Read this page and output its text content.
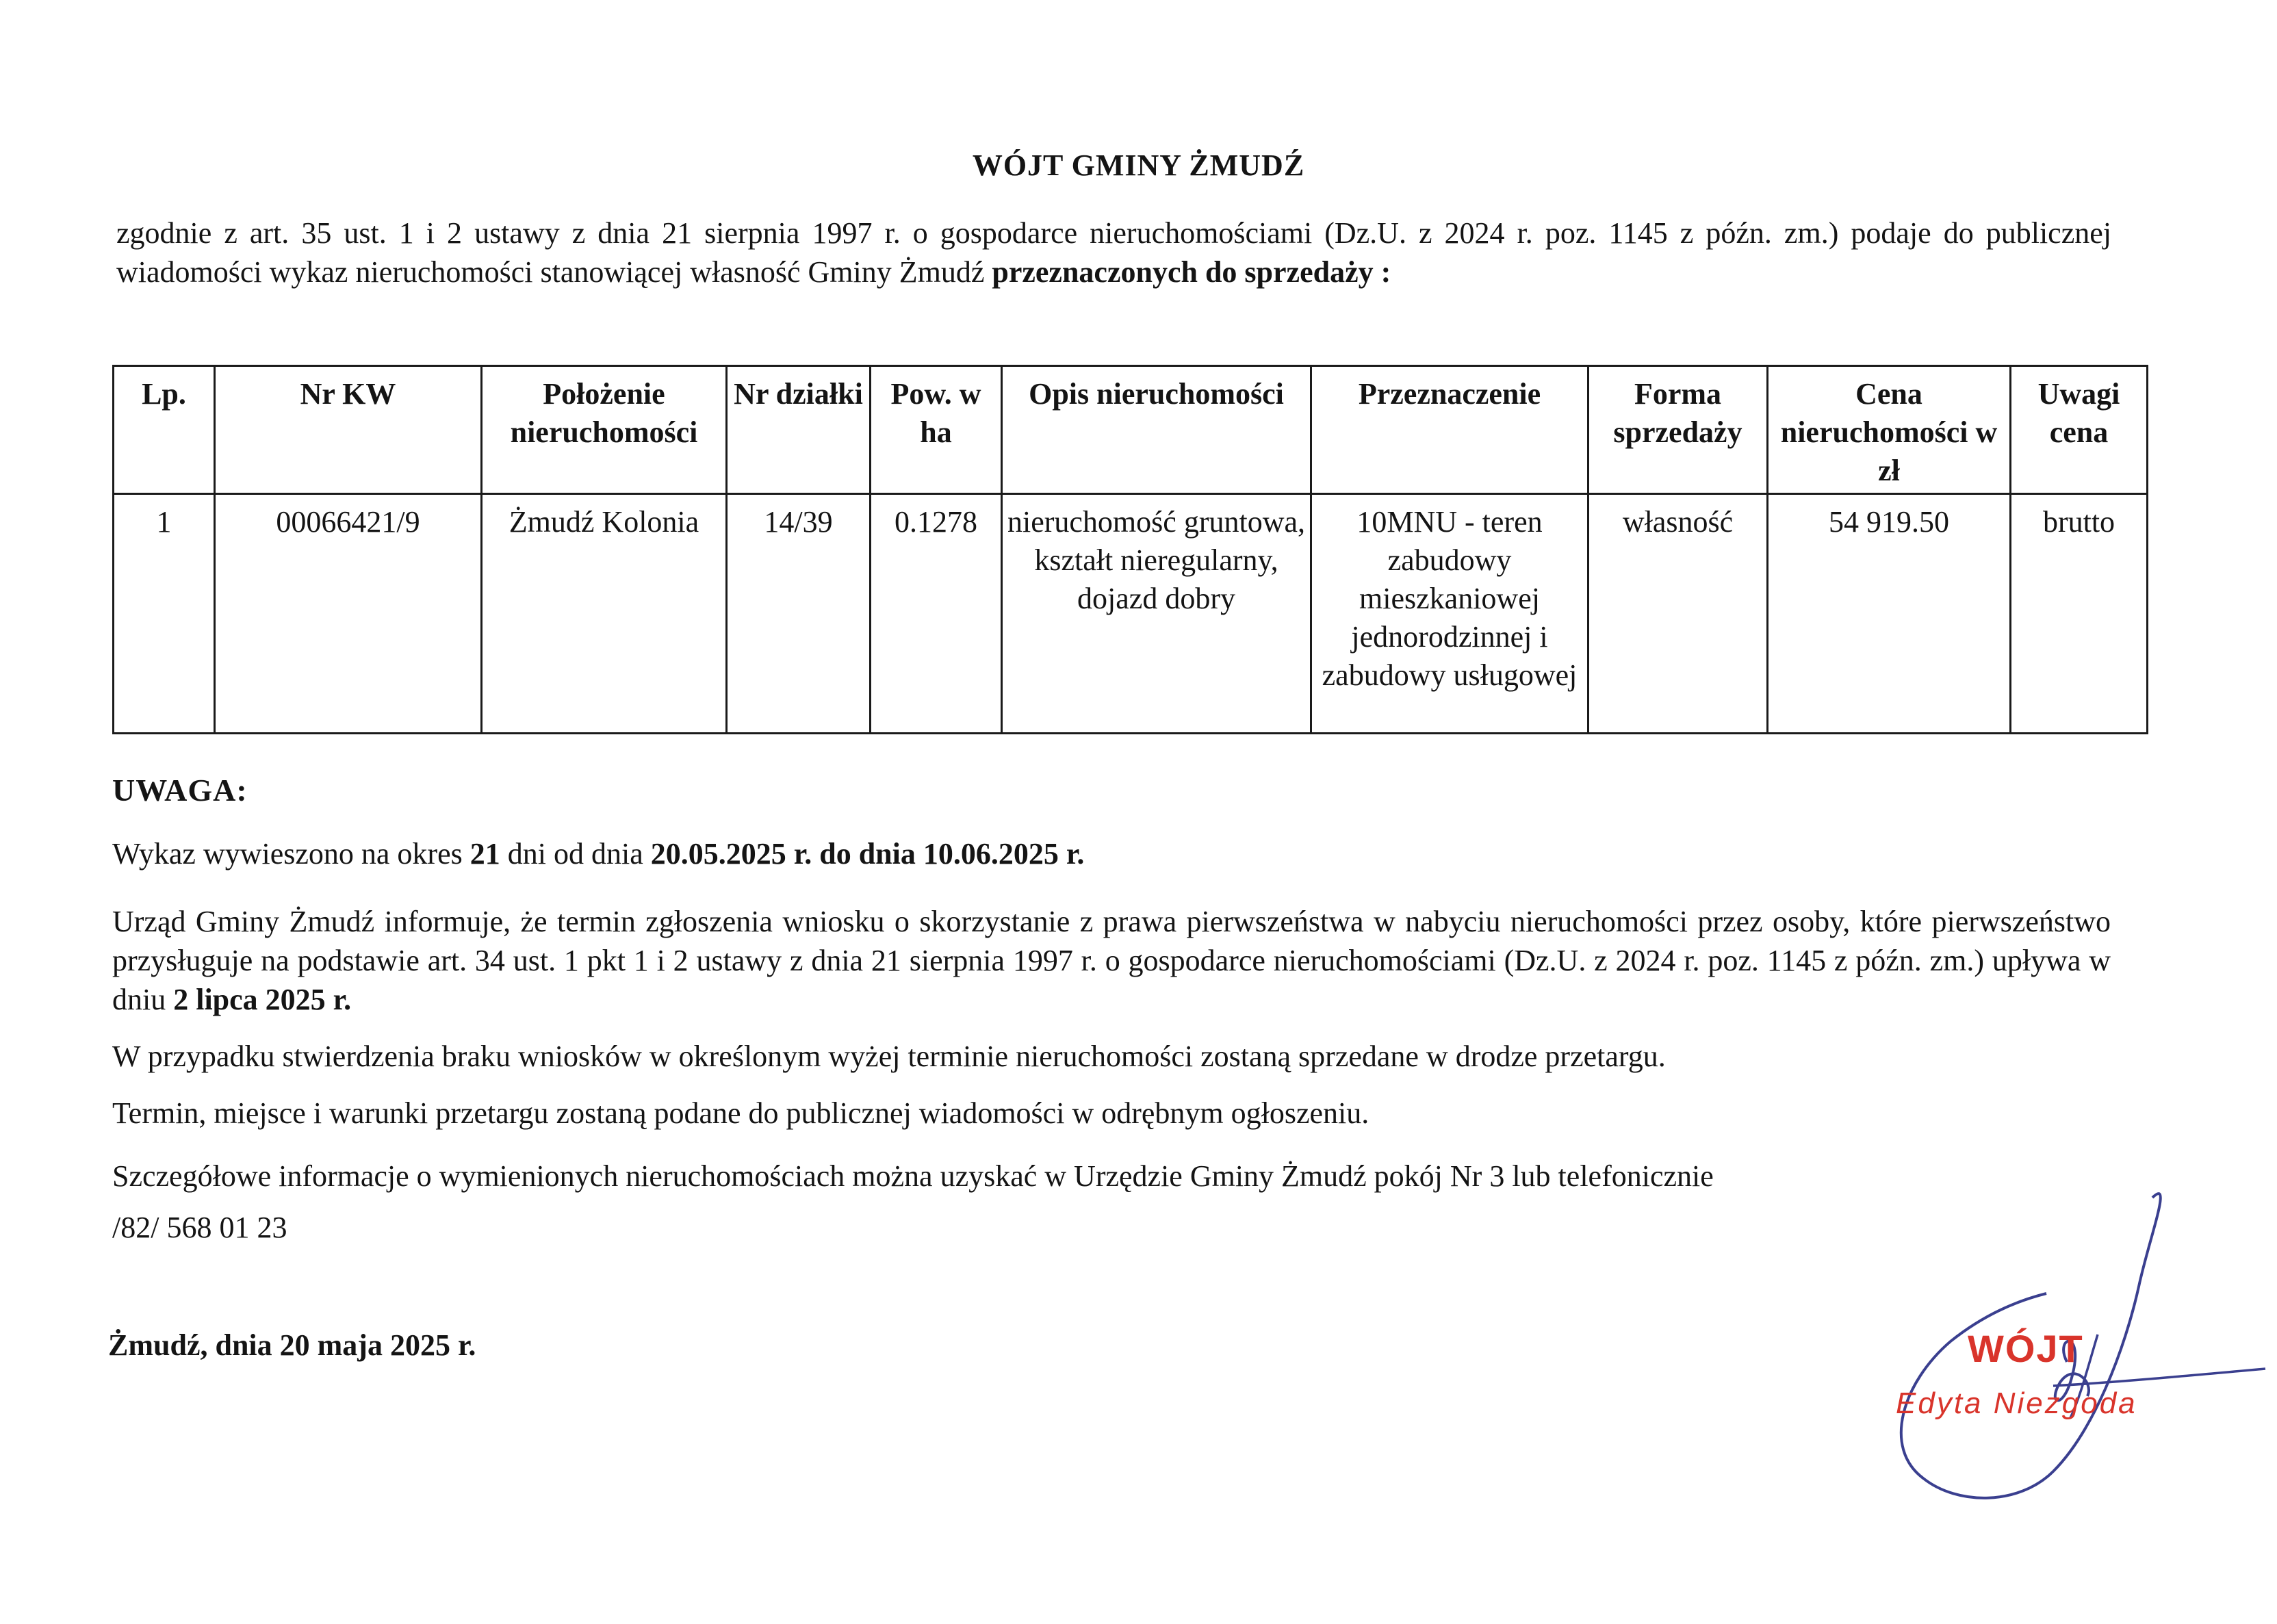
WÓJT GMINY ŻMUDŹ
zgodnie z art. 35 ust. 1 i 2 ustawy z dnia 21 sierpnia 1997 r. o gospodarce nieruchomościami (Dz.U. z 2024 r. poz. 1145 z późn. zm.) podaje do publicznej wiadomości wykaz nieruchomości stanowiącej własność Gminy Żmudź przeznaczonych do sprzedaży :
Lp.	Nr KW	Położenie nieruchomości	Nr działki	Pow. w ha	Opis nieruchomości	Przeznaczenie	Forma sprzedaży	Cena nieruchomości w zł	Uwagi cena
1	00066421/9	Żmudź Kolonia	14/39	0.1278	nieruchomość gruntowa, kształt nieregularny, dojazd dobry	10MNU - teren zabudowy mieszkaniowej jednorodzinnej i zabudowy usługowej	własność	54 919.50	brutto
UWAGA:
Wykaz wywieszono na okres 21 dni od dnia 20.05.2025 r. do dnia 10.06.2025 r.
Urząd Gminy Żmudź informuje, że termin zgłoszenia wniosku o skorzystanie z prawa pierwszeństwa w nabyciu nieruchomości przez osoby, które pierwszeństwo przysługuje na podstawie art. 34 ust. 1 pkt 1 i 2 ustawy z dnia 21 sierpnia 1997 r. o gospodarce nieruchomościami (Dz.U. z 2024 r. poz. 1145 z późn. zm.) upływa w dniu 2 lipca 2025 r.
W przypadku stwierdzenia braku wniosków w określonym wyżej terminie nieruchomości zostaną sprzedane w drodze przetargu.
Termin, miejsce i warunki przetargu zostaną podane do publicznej wiadomości w odrębnym ogłoszeniu.
Szczegółowe informacje o wymienionych nieruchomościach można uzyskać w Urzędzie Gminy Żmudź pokój Nr 3 lub telefonicznie
/82/ 568 01 23
Żmudź, dnia 20 maja 2025 r.	WÓJT
Edyta Niezgoda
